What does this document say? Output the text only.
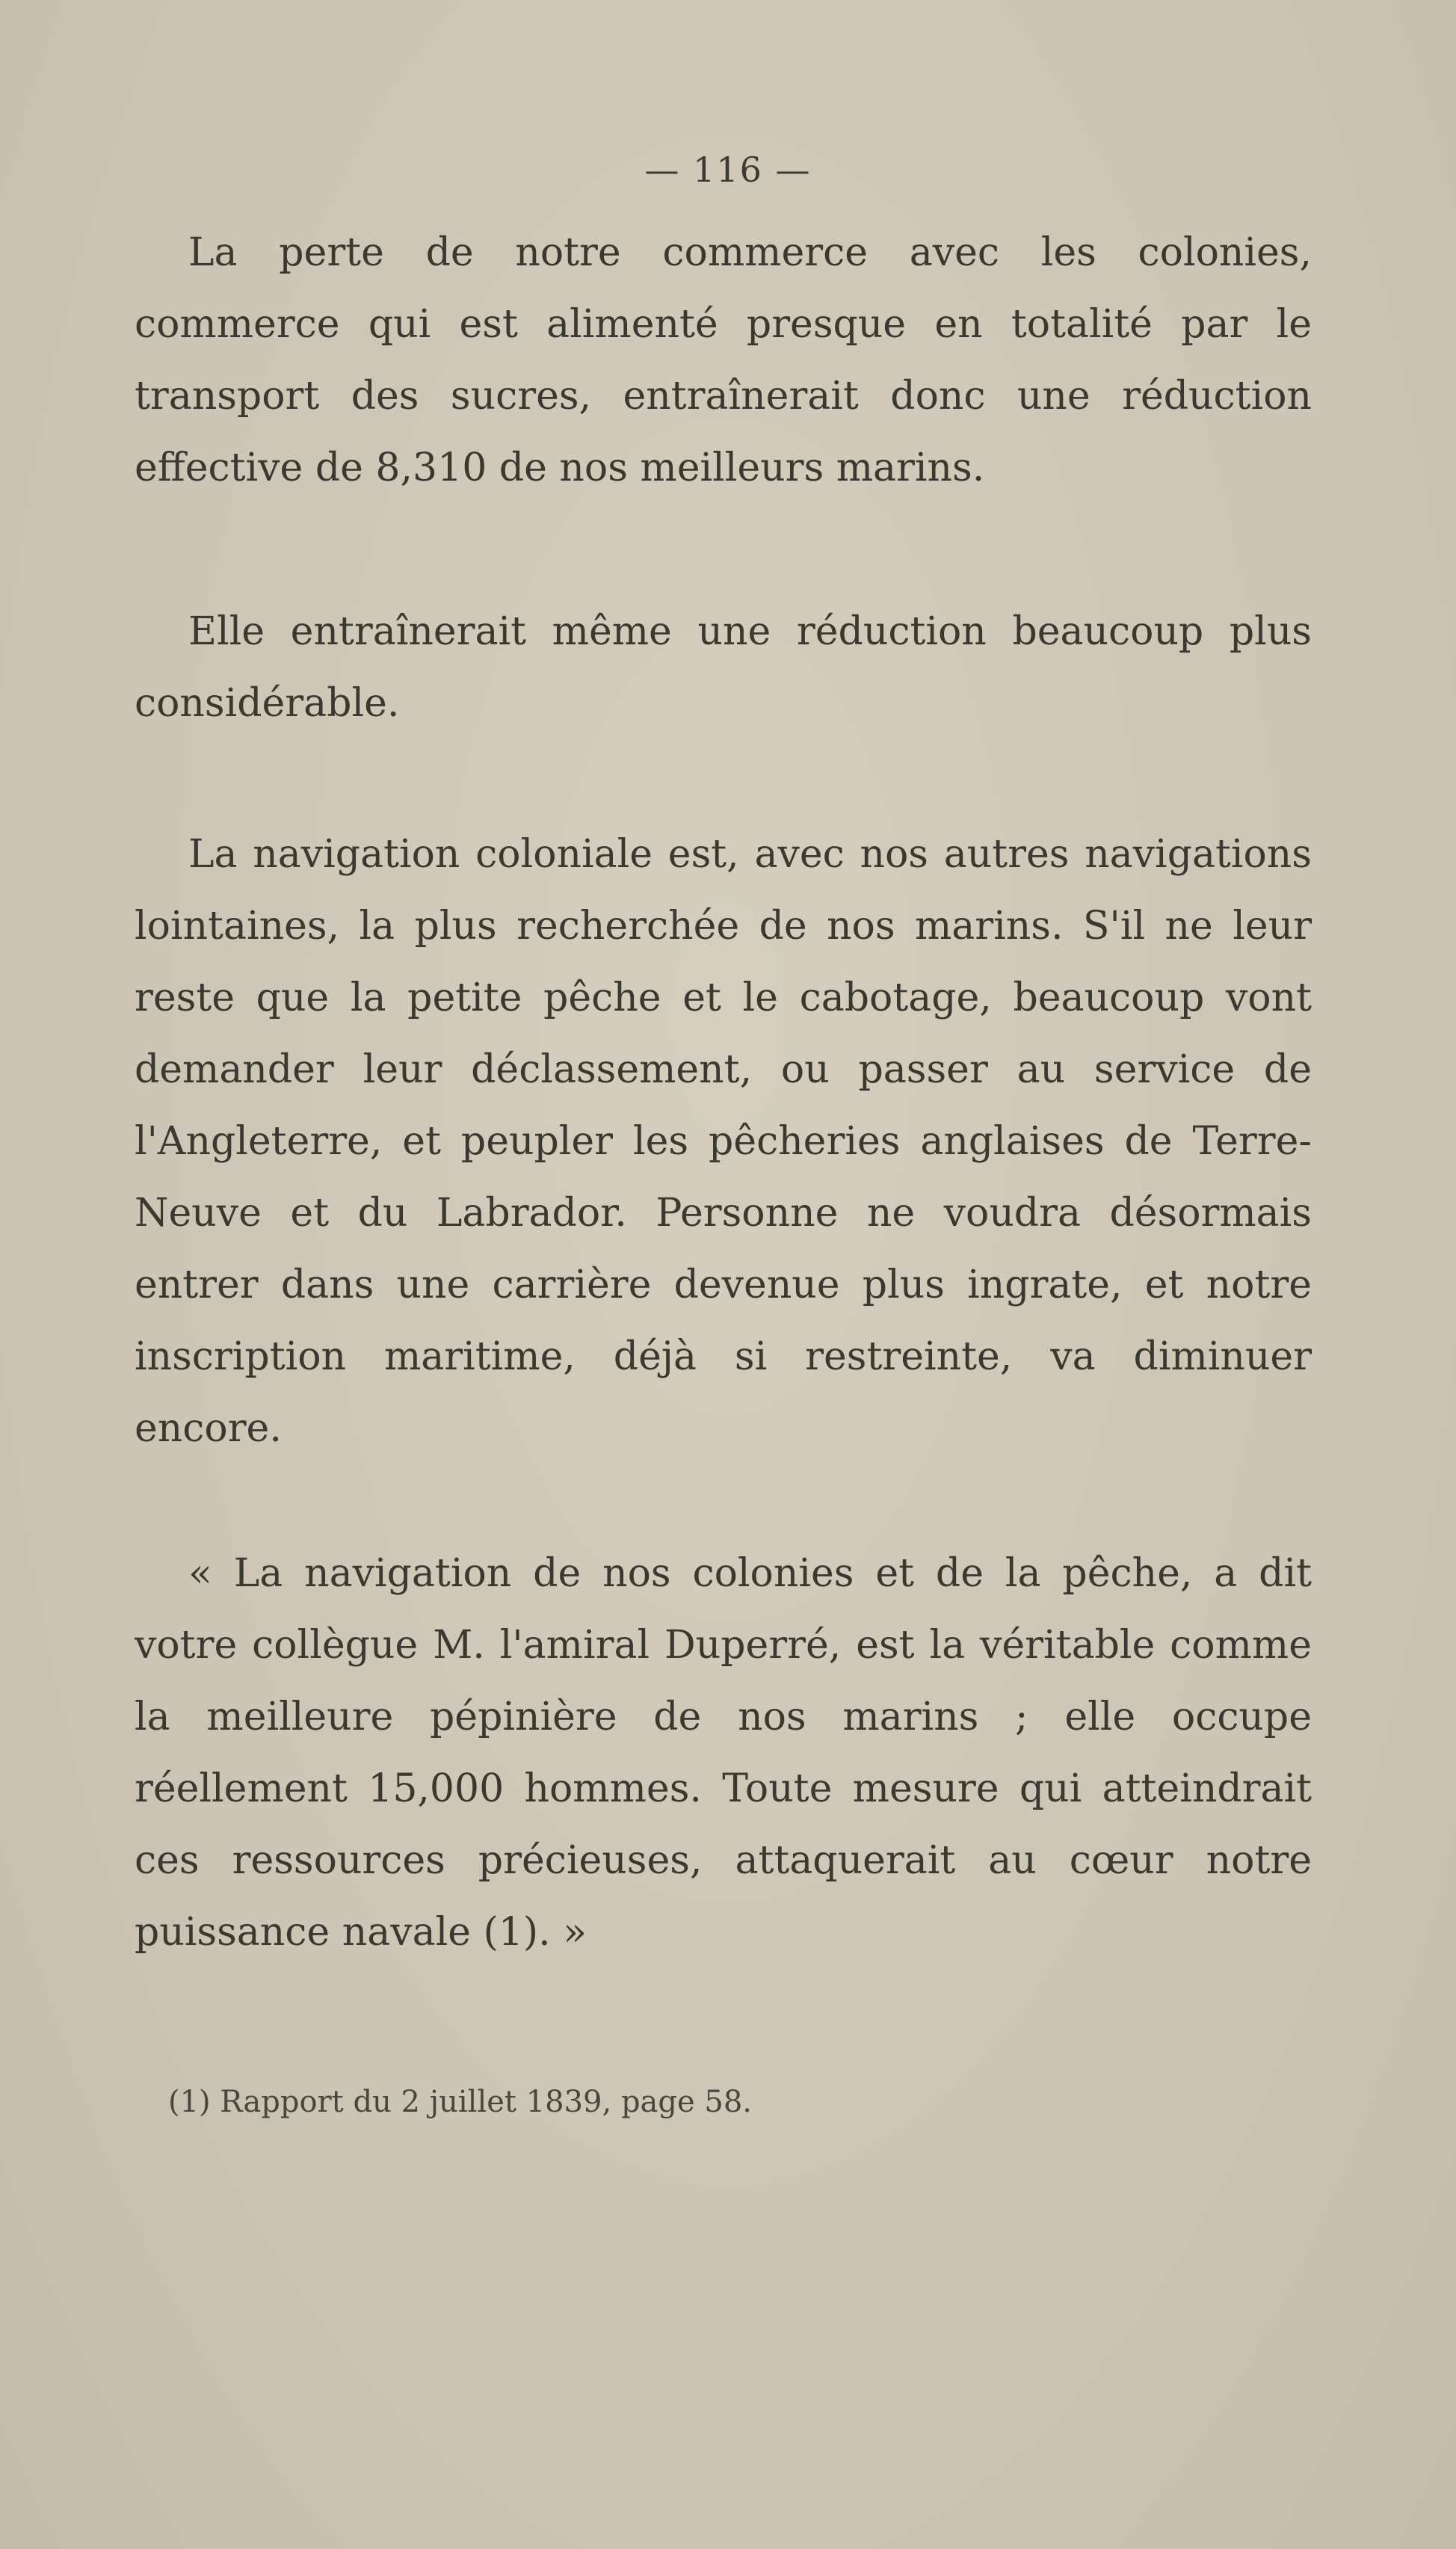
— 116 —

La perte de notre commerce avec les colonies, commerce qui est alimenté presque en totalité par le transport des sucres, entraînerait donc une réduction effective de 8,310 de nos meilleurs marins.

Elle entraînerait même une réduction beaucoup plus considérable.

La navigation coloniale est, avec nos autres navigations lointaines, la plus recherchée de nos marins. S'il ne leur reste que la petite pêche et le cabotage, beaucoup vont demander leur déclassement, ou passer au service de l'Angleterre, et peupler les pêcheries anglaises de Terre-Neuve et du Labrador. Personne ne voudra désormais entrer dans une carrière devenue plus ingrate, et notre inscription maritime, déjà si restreinte, va diminuer encore.

« La navigation de nos colonies et de la pêche, a dit votre collègue M. l'amiral Duperré, est la véritable comme la meilleure pépinière de nos marins ; elle occupe réellement 15,000 hommes. Toute mesure qui atteindrait ces ressources précieuses, attaquerait au cœur notre puissance navale (1). »

(1) Rapport du 2 juillet 1839, page 58.
